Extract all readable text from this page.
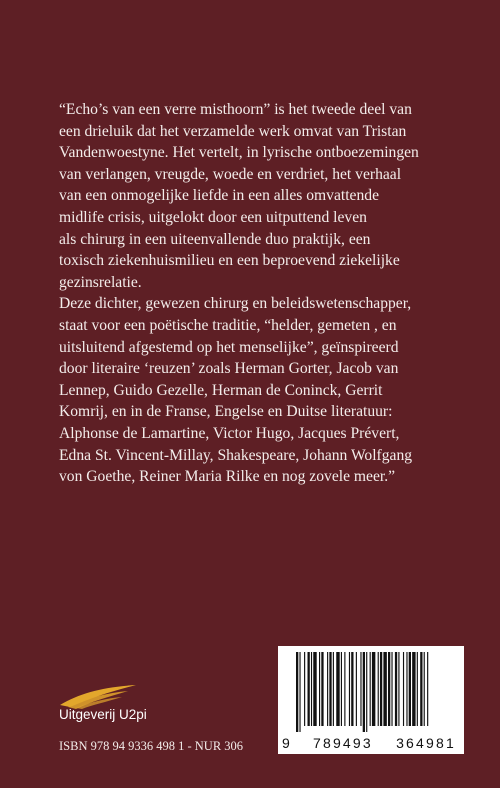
“Echo’s van een verre misthoorn” is het tweede deel van
een drieluik dat het verzamelde werk omvat van Tristan
Vandenwoestyne. Het vertelt, in lyrische ontboezemingen
van verlangen, vreugde, woede en verdriet, het verhaal
van een onmogelijke liefde in een alles omvattende
midlife crisis, uitgelokt door een uitputtend leven
als chirurg in een uiteenvallende duo praktijk, een
toxisch ziekenhuismilieu en een beproevend ziekelijke
gezinsrelatie.

Deze dichter, gewezen chirurg en beleidswetenschapper,
staat voor een poëtische traditie, “helder, gemeten , en
uitsluitend afgestemd op het menselijke”, geïnspireerd
door literaire ‘reuzen’ zoals Herman Gorter, Jacob van
Lennep, Guido Gezelle, Herman de Coninck, Gerrit
Komrij, en in de Franse, Engelse en Duitse literatuur:
Alphonse de Lamartine, Victor Hugo, Jacques Prévert,
Edna St. Vincent-Millay, Shakespeare, Johann Wolfgang
von Goethe, Reiner Maria Rilke en nog zovele meer.”

Uitgeverij U2pi
ISBN 978 94 9336 498 1 - NUR 306	9 789493 364981
